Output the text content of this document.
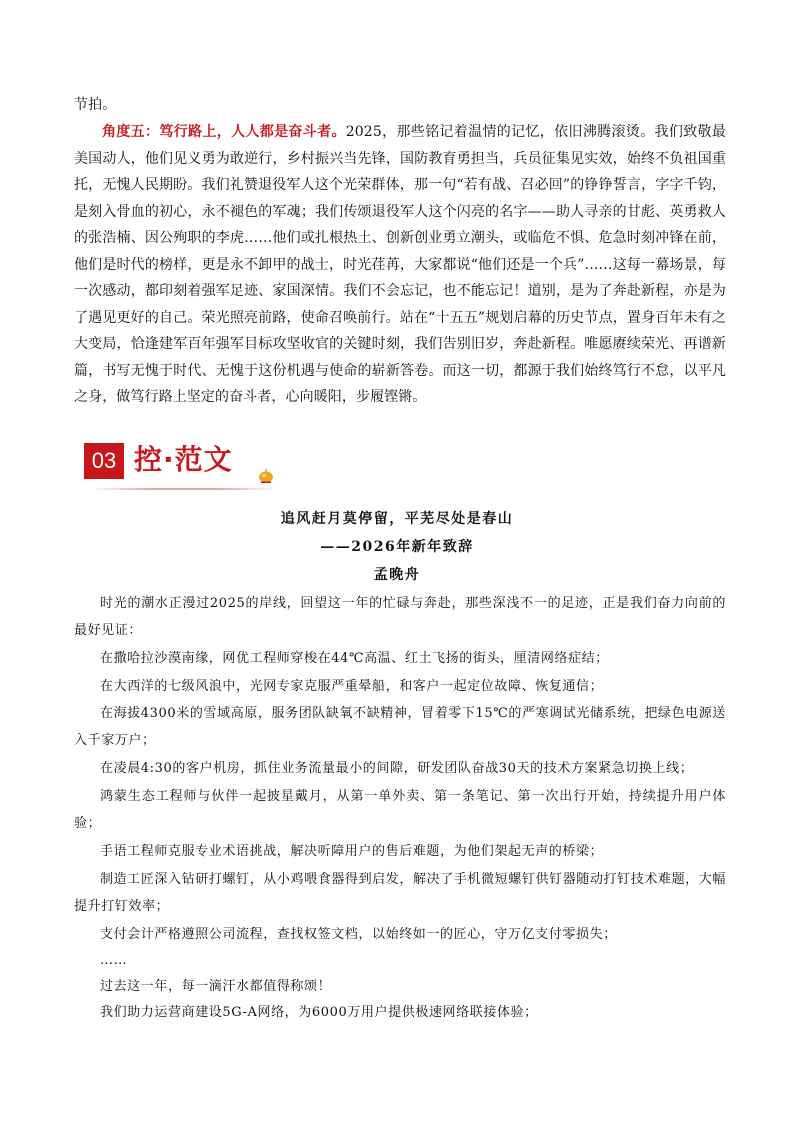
节拍。

角度五：笃行路上，人人都是奋斗者。2025，那些铭记着温情的记忆，依旧沸腾滚烫。我们致敬最美国动人，他们见义勇为敢逆行，乡村振兴当先锋，国防教育勇担当，兵员征集见实效，始终不负祖国重托，无愧人民期盼。我们礼赞退役军人这个光荣群体，那一句“若有战、召必回”的铮铮誓言，字字千钧，是刻入骨血的初心，永不褪色的军魂；我们传颂退役军人这个闪亮的名字——助人寻亲的甘彪、英勇救人的张浩楠、因公殉职的李虎……他们或扎根热土、创新创业勇立潮头，或临危不惧、危急时刻冲锋在前，他们是时代的榜样，更是永不卸甲的战士，时光荏苒，大家都说“他们还是一个兵”……这每一幕场景，每一次感动，都印刻着强军足迹、家国深情。我们不会忘记，也不能忘记！道别，是为了奔赴新程，亦是为了遇见更好的自己。荣光照亮前路，使命召唤前行。站在“十五五”规划启幕的历史节点，置身百年未有之大变局，恰逢建军百年强军目标攻坚收官的关键时刻，我们告别旧岁，奔赴新程。唯愿赓续荣光、再谱新篇，书写无愧于时代、无愧于这份机遇与使命的崭新答卷。而这一切，都源于我们始终笃行不怠，以平凡之身，做笃行路上坚定的奋斗者，心向暖阳，步履铿锵。

03 控·范文

追风赶月莫停留，平芜尽处是春山

——2026年新年致辞

孟晚舟

时光的潮水正漫过2025的岸线，回望这一年的忙碌与奔赴，那些深浅不一的足迹，正是我们奋力向前的最好见证：

在撒哈拉沙漠南缘，网优工程师穿梭在44℃高温、红土飞扬的街头，厘清网络症结；

在大西洋的七级风浪中，光网专家克服严重晕船，和客户一起定位故障、恢复通信；

在海拔4300米的雪域高原，服务团队缺氧不缺精神，冒着零下15℃的严寒调试光储系统，把绿色电源送入千家万户；

在凌晨4:30的客户机房，抓住业务流量最小的间隙，研发团队奋战30天的技术方案紧急切换上线；

鸿蒙生态工程师与伙伴一起披星戴月，从第一单外卖、第一条笔记、第一次出行开始，持续提升用户体验；

手语工程师克服专业术语挑战，解决听障用户的售后难题，为他们架起无声的桥梁；

制造工匠深入钻研打螺钉，从小鸡喂食器得到启发，解决了手机微短螺钉供钉器随动打钉技术难题，大幅提升打钉效率；

支付会计严格遵照公司流程，查找权签文档，以始终如一的匠心，守万亿支付零损失；

……

过去这一年，每一滴汗水都值得称颂！

我们助力运营商建设5G-A网络，为6000万用户提供极速网络联接体验；
